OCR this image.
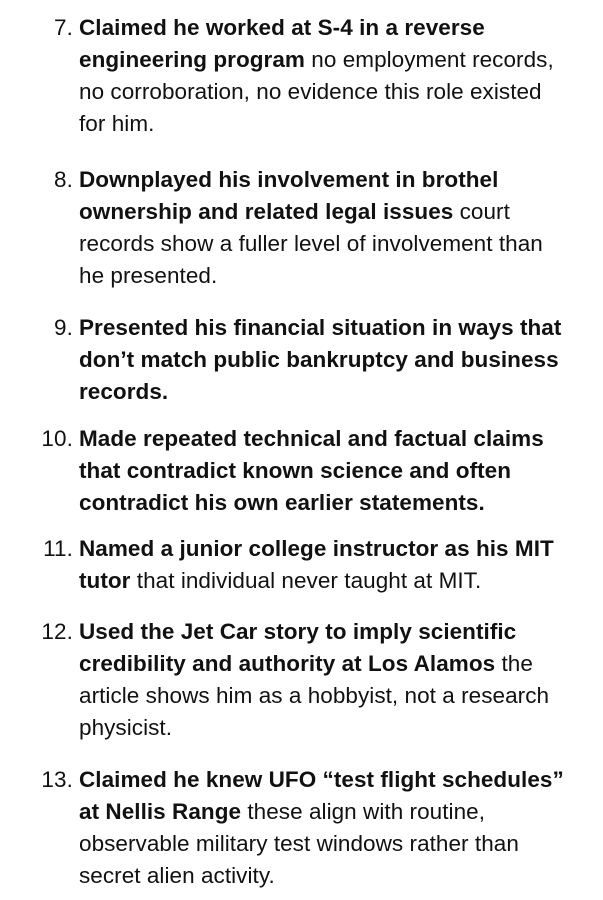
7. Claimed he worked at S-4 in a reverse engineering program no employment records, no corroboration, no evidence this role existed for him.
8. Downplayed his involvement in brothel ownership and related legal issues court records show a fuller level of involvement than he presented.
9. Presented his financial situation in ways that don’t match public bankruptcy and business records.
10. Made repeated technical and factual claims that contradict known science and often contradict his own earlier statements.
11. Named a junior college instructor as his MIT tutor that individual never taught at MIT.
12. Used the Jet Car story to imply scientific credibility and authority at Los Alamos the article shows him as a hobbyist, not a research physicist.
13. Claimed he knew UFO “test flight schedules” at Nellis Range these align with routine, observable military test windows rather than secret alien activity.
